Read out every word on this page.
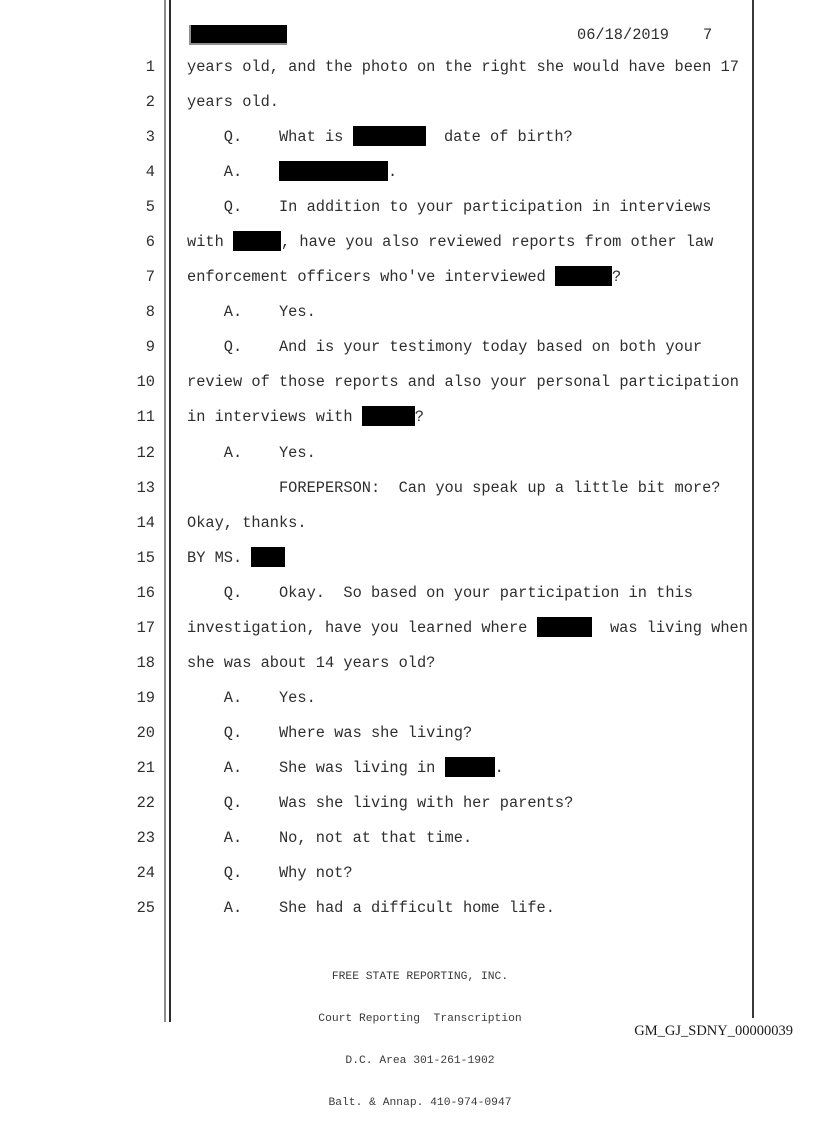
06/18/2019 7
1 years old, and the photo on the right she would have been 17
2 years old.
3 Q.    What is	date of birth?
4 A.	.
5 Q.    In addition to your participation in interviews
6 with	, have you also reviewed reports from other law
7 enforcement officers who've interviewed	?
8 A.    Yes.
9 Q.    And is your testimony today based on both your
10 review of those reports and also your personal participation
11 in interviews with	?
12 A.    Yes.
13 FOREPERSON:  Can you speak up a little bit more?
14 Okay, thanks.
15 BY MS.
16 Q.    Okay.  So based on your participation in this
17 investigation, have you learned where	was living when
18 she was about 14 years old?
19 A.    Yes.
20 Q.    Where was she living?
21 A.    She was living in	.
22 Q.    Was she living with her parents?
23 A.    No, not at that time.
24 Q.    Why not?
25 A.    She had a difficult home life.

FREE STATE REPORTING, INC.

Court Reporting  Transcription

D.C. Area 301-261-1902

Balt. & Annap. 410-974-0947

GM_GJ_SDNY_00000039
